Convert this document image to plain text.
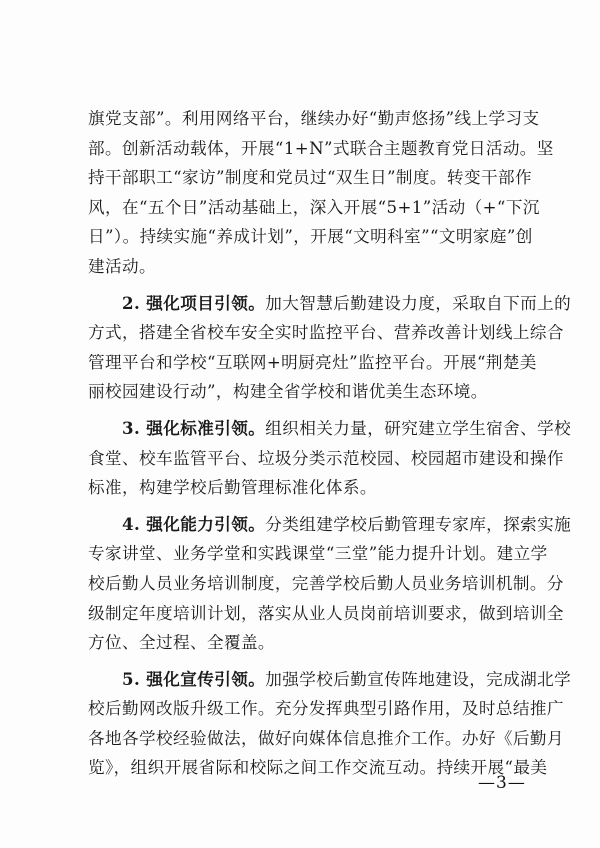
旗党支部”。利用网络平台，继续办好“勤声悠扬”线上学习支
部。创新活动载体，开展“1+N”式联合主题教育党日活动。坚
持干部职工“家访”制度和党员过“双生日”制度。转变干部作
风，在“五个日”活动基础上，深入开展“5+1”活动（+“下沉
日”）。持续实施“养成计划”，开展“文明科室”“文明家庭”创
建活动。

2. 强化项目引领。加大智慧后勤建设力度，采取自下而上的
方式，搭建全省校车安全实时监控平台、营养改善计划线上综合
管理平台和学校“互联网+明厨亮灶”监控平台。开展“荆楚美
丽校园建设行动”，构建全省学校和谐优美生态环境。

3. 强化标准引领。组织相关力量，研究建立学生宿舍、学校
食堂、校车监管平台、垃圾分类示范校园、校园超市建设和操作
标准，构建学校后勤管理标准化体系。

4. 强化能力引领。分类组建学校后勤管理专家库，探索实施
专家讲堂、业务学堂和实践课堂“三堂”能力提升计划。建立学
校后勤人员业务培训制度，完善学校后勤人员业务培训机制。分
级制定年度培训计划，落实从业人员岗前培训要求，做到培训全
方位、全过程、全覆盖。

5. 强化宣传引领。加强学校后勤宣传阵地建设，完成湖北学
校后勤网改版升级工作。充分发挥典型引路作用，及时总结推广
各地各学校经验做法，做好向媒体信息推介工作。办好《后勤月
览》，组织开展省际和校际之间工作交流互动。持续开展“最美

—3—
